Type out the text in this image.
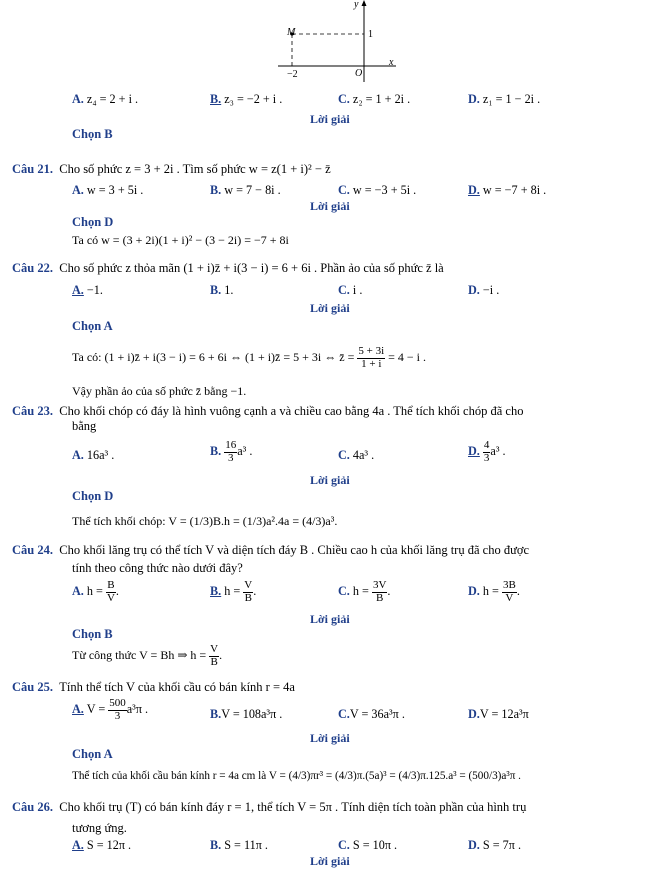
y
M	1
x
−2	O
A. z₄ = 2 + i .	B. z₃ = −2 + i .	C. z₂ = 1 + 2i .	D. z₁ = 1 − 2i .
Lời giải
Chọn B
Câu 21. Cho số phức z = 3 + 2i . Tìm số phức w = z(1 + i)² − z̄
A. w = 3 + 5i .	B. w = 7 − 8i .	C. w = −3 + 5i .	D. w = −7 + 8i .
Lời giải
Chọn D
Ta có w = (3 + 2i)(1 + i)² − (3 − 2i) = −7 + 8i
Câu 22. Cho số phức z thỏa mãn (1 + i)z̄ + i(3 − i) = 6 + 6i . Phần ảo của số phức z̄ là
A. −1.	B. 1.	C. i .	D. −i .
Lời giải
Chọn A
Ta có: (1 + i)z̄ + i(3 − i) = 6 + 6i ⇔ (1 + i)z̄ = 5 + 3i ⇔ z̄ = $\frac{5 + 3i}{1 + i} = 4 - i$ .
Vậy phần ảo của số phức z̄ bằng −1.
Câu 23. Cho khối chóp có đáy là hình vuông cạnh a và chiều cao bằng 4a . Thể tích khối chóp đã cho
bằng
A. 16a³ .	B. $\frac{16}{3} a^3$ .	C. 4a³ .	D. $\frac{4}{3} a^3$ .
Lời giải
Chọn D
Thể tích khối chóp: V = (1/3)B.h = (1/3)a².4a = (4/3)a³.
Câu 24. Cho khối lăng trụ có thể tích V và diện tích đáy B . Chiều cao h của khối lăng trụ đã cho được
tính theo công thức nào dưới đây?
A. $h = \frac{B}{V}$ .	B. $h = \frac{V}{B}$ .	C. $h = \frac{3V}{B}$ .	D. $h = \frac{3B}{V}$ .
Lời giải
Chọn B
Từ công thức V = Bh ⇒ $h = \frac{V}{B}$ .
Câu 25. Tính thể tích V của khối cầu có bán kính r = 4a
A. $V = \frac{500}{3} a^3\pi$ .	B.V = 108a³π .	C.V = 36a³π .	D.V = 12a³π
Lời giải
Chọn A
Thể tích của khối cầu bán kính r = 4a cm là V = (4/3)πr³ = (4/3)π.(5a)³ = (4/3)π.125.a³ = (500/3)a³π .
Câu 26. Cho khối trụ (T) có bán kính đáy r = 1, thể tích V = 5π . Tính diện tích toàn phần của hình trụ
tương ứng.
A. S = 12π .	B. S = 11π .	C. S = 10π .	D. S = 7π .
Lời giải
